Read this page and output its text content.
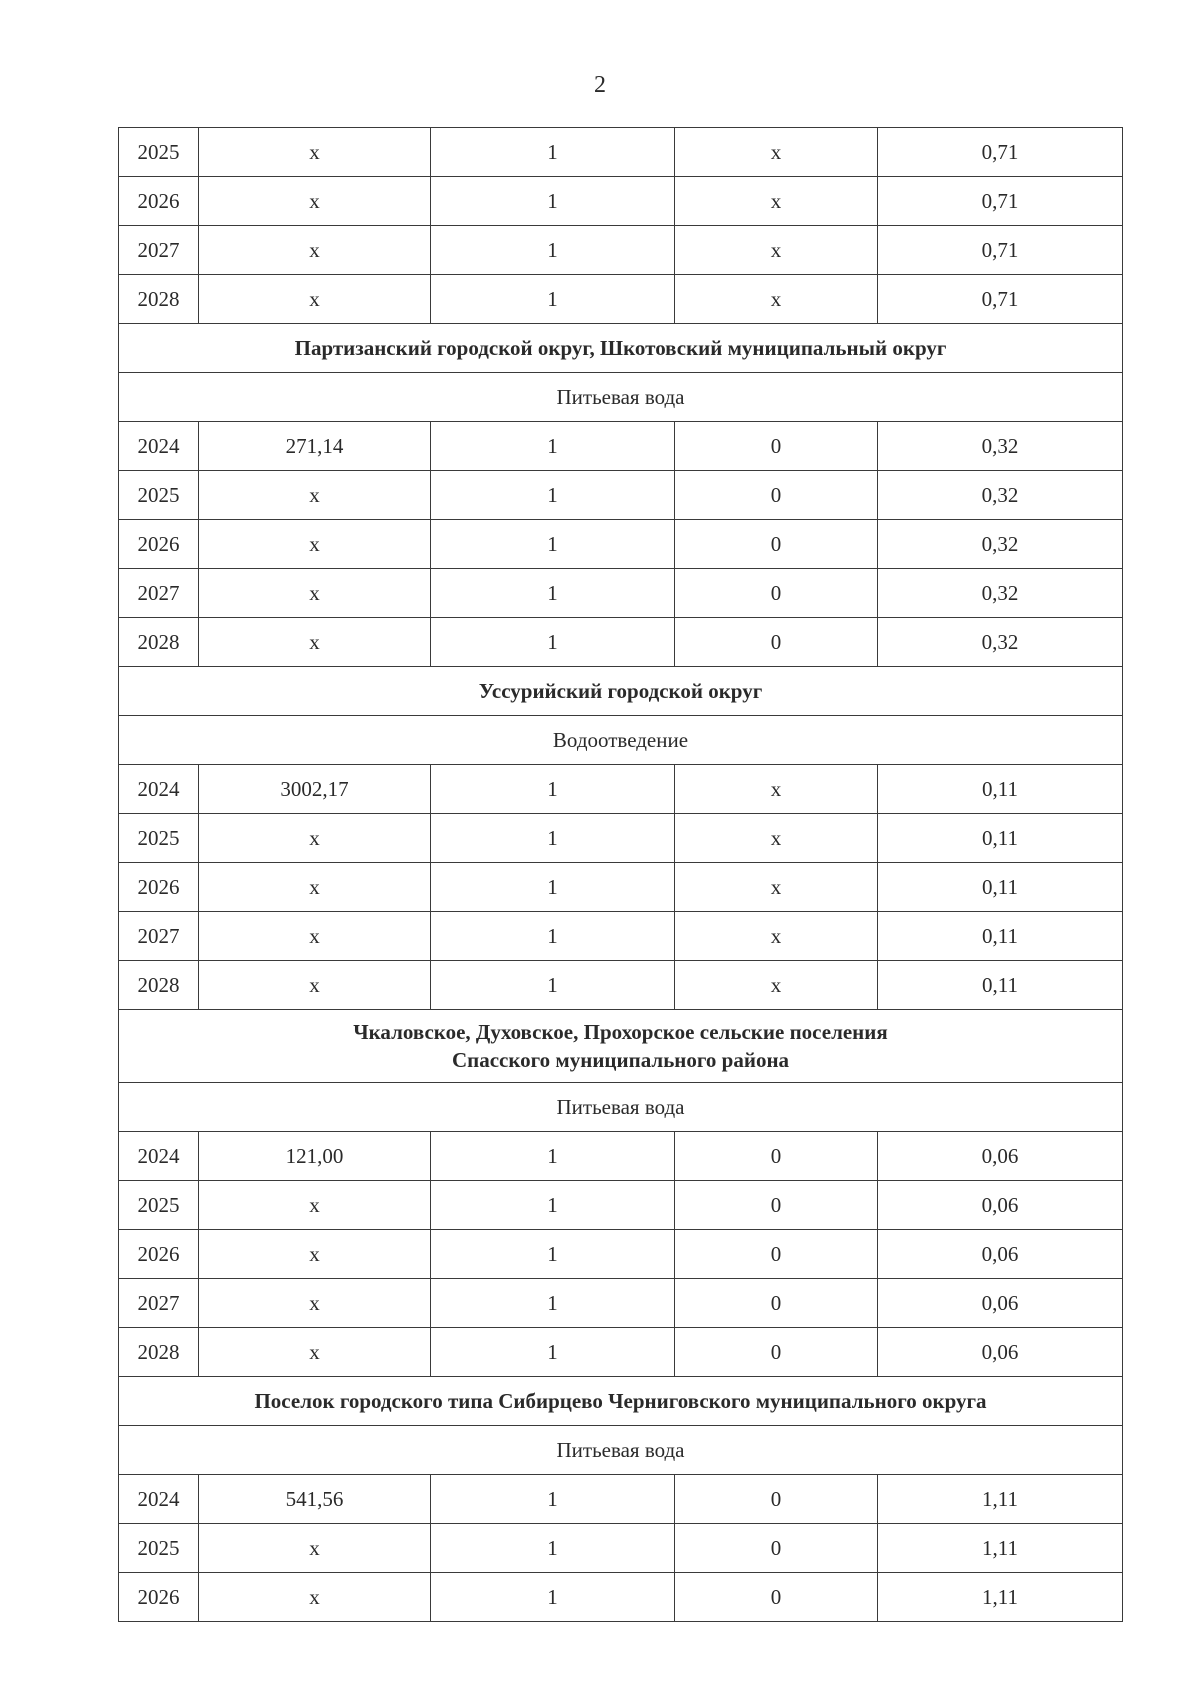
2
2025	х	1	х	0,71
2026	х	1	х	0,71
2027	х	1	х	0,71
2028	х	1	х	0,71
Партизанский городской округ, Шкотовский муниципальный округ				
Питьевая вода				
2024	271,14	1	0	0,32
2025	х	1	0	0,32
2026	х	1	0	0,32
2027	х	1	0	0,32
2028	х	1	0	0,32
Уссурийский городской округ				
Водоотведение				
2024	3002,17	1	х	0,11
2025	х	1	х	0,11
2026	х	1	х	0,11
2027	х	1	х	0,11
2028	х	1	х	0,11
Чкаловское, Духовское, Прохорское сельские поселения
Спасского муниципального района				
Питьевая вода				
2024	121,00	1	0	0,06
2025	х	1	0	0,06
2026	х	1	0	0,06
2027	х	1	0	0,06
2028	х	1	0	0,06
Поселок городского типа Сибирцево Черниговского муниципального округа				
Питьевая вода				
2024	541,56	1	0	1,11
2025	х	1	0	1,11
2026	х	1	0	1,11
